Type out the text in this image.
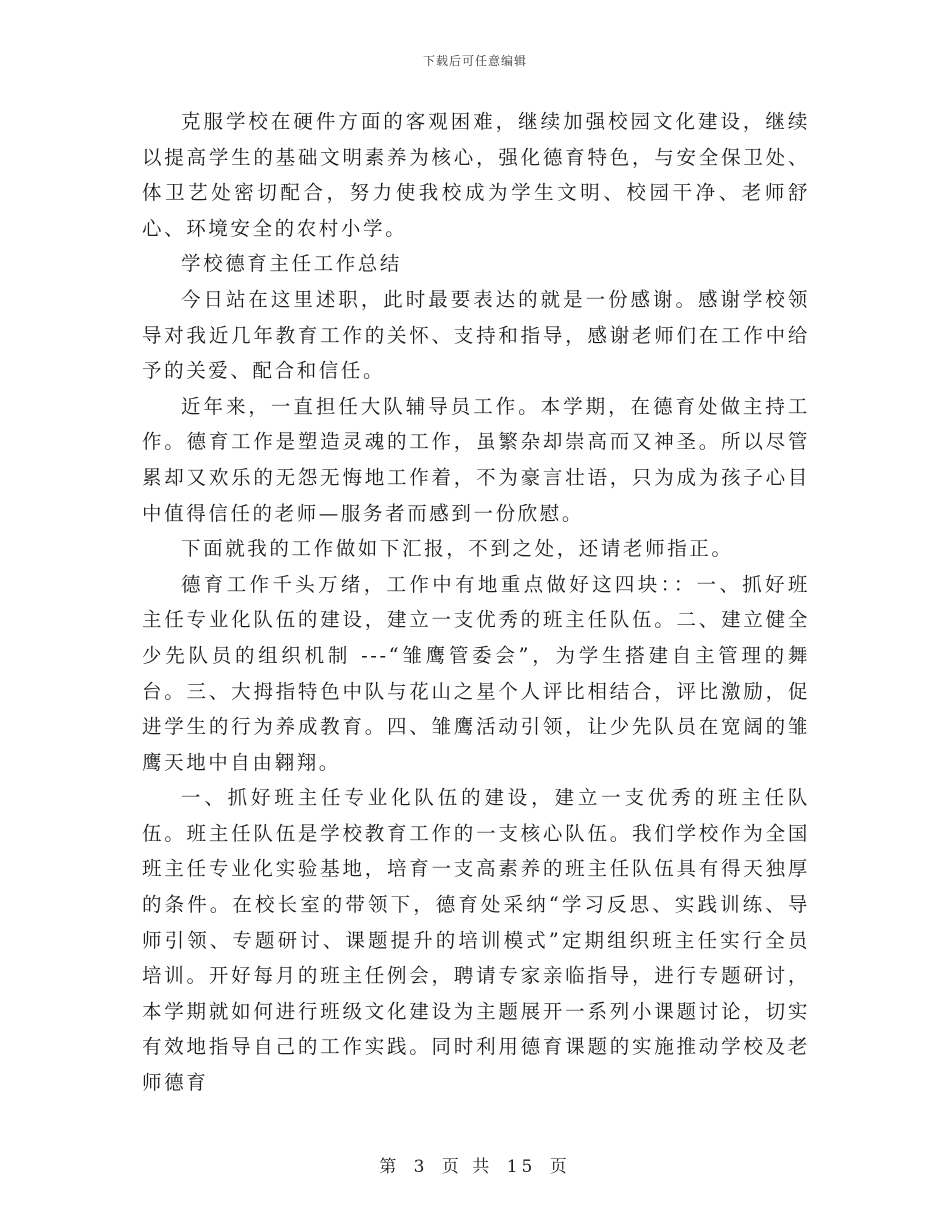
下载后可任意编辑

克服学校在硬件方面的客观困难，继续加强校园文化建设，继续以提高学生的基础文明素养为核心，强化德育特色，与安全保卫处、体卫艺处密切配合，努力使我校成为学生文明、校园干净、老师舒心、环境安全的农村小学。

学校德育主任工作总结

今日站在这里述职，此时最要表达的就是一份感谢。感谢学校领导对我近几年教育工作的关怀、支持和指导，感谢老师们在工作中给予的关爱、配合和信任。

近年来，一直担任大队辅导员工作。本学期，在德育处做主持工作。德育工作是塑造灵魂的工作，虽繁杂却崇高而又神圣。所以尽管累却又欢乐的无怨无悔地工作着，不为豪言壮语，只为成为孩子心目中值得信任的老师—服务者而感到一份欣慰。

下面就我的工作做如下汇报，不到之处，还请老师指正。

德育工作千头万绪，工作中有地重点做好这四块：：一、抓好班主任专业化队伍的建设，建立一支优秀的班主任队伍。二、建立健全少先队员的组织机制 ---“雏鹰管委会”，为学生搭建自主管理的舞台。三、大拇指特色中队与花山之星个人评比相结合，评比激励，促进学生的行为养成教育。四、雏鹰活动引领，让少先队员在宽阔的雏鹰天地中自由翱翔。

一、抓好班主任专业化队伍的建设，建立一支优秀的班主任队伍。班主任队伍是学校教育工作的一支核心队伍。我们学校作为全国班主任专业化实验基地，培育一支高素养的班主任队伍具有得天独厚的条件。在校长室的带领下，德育处采纳“学习反思、实践训练、导师引领、专题研讨、课题提升的培训模式”定期组织班主任实行全员培训。开好每月的班主任例会，聘请专家亲临指导，进行专题研讨，本学期就如何进行班级文化建设为主题展开一系列小课题讨论，切实有效地指导自己的工作实践。同时利用德育课题的实施推动学校及老师德育

第 3 页 共 15 页
